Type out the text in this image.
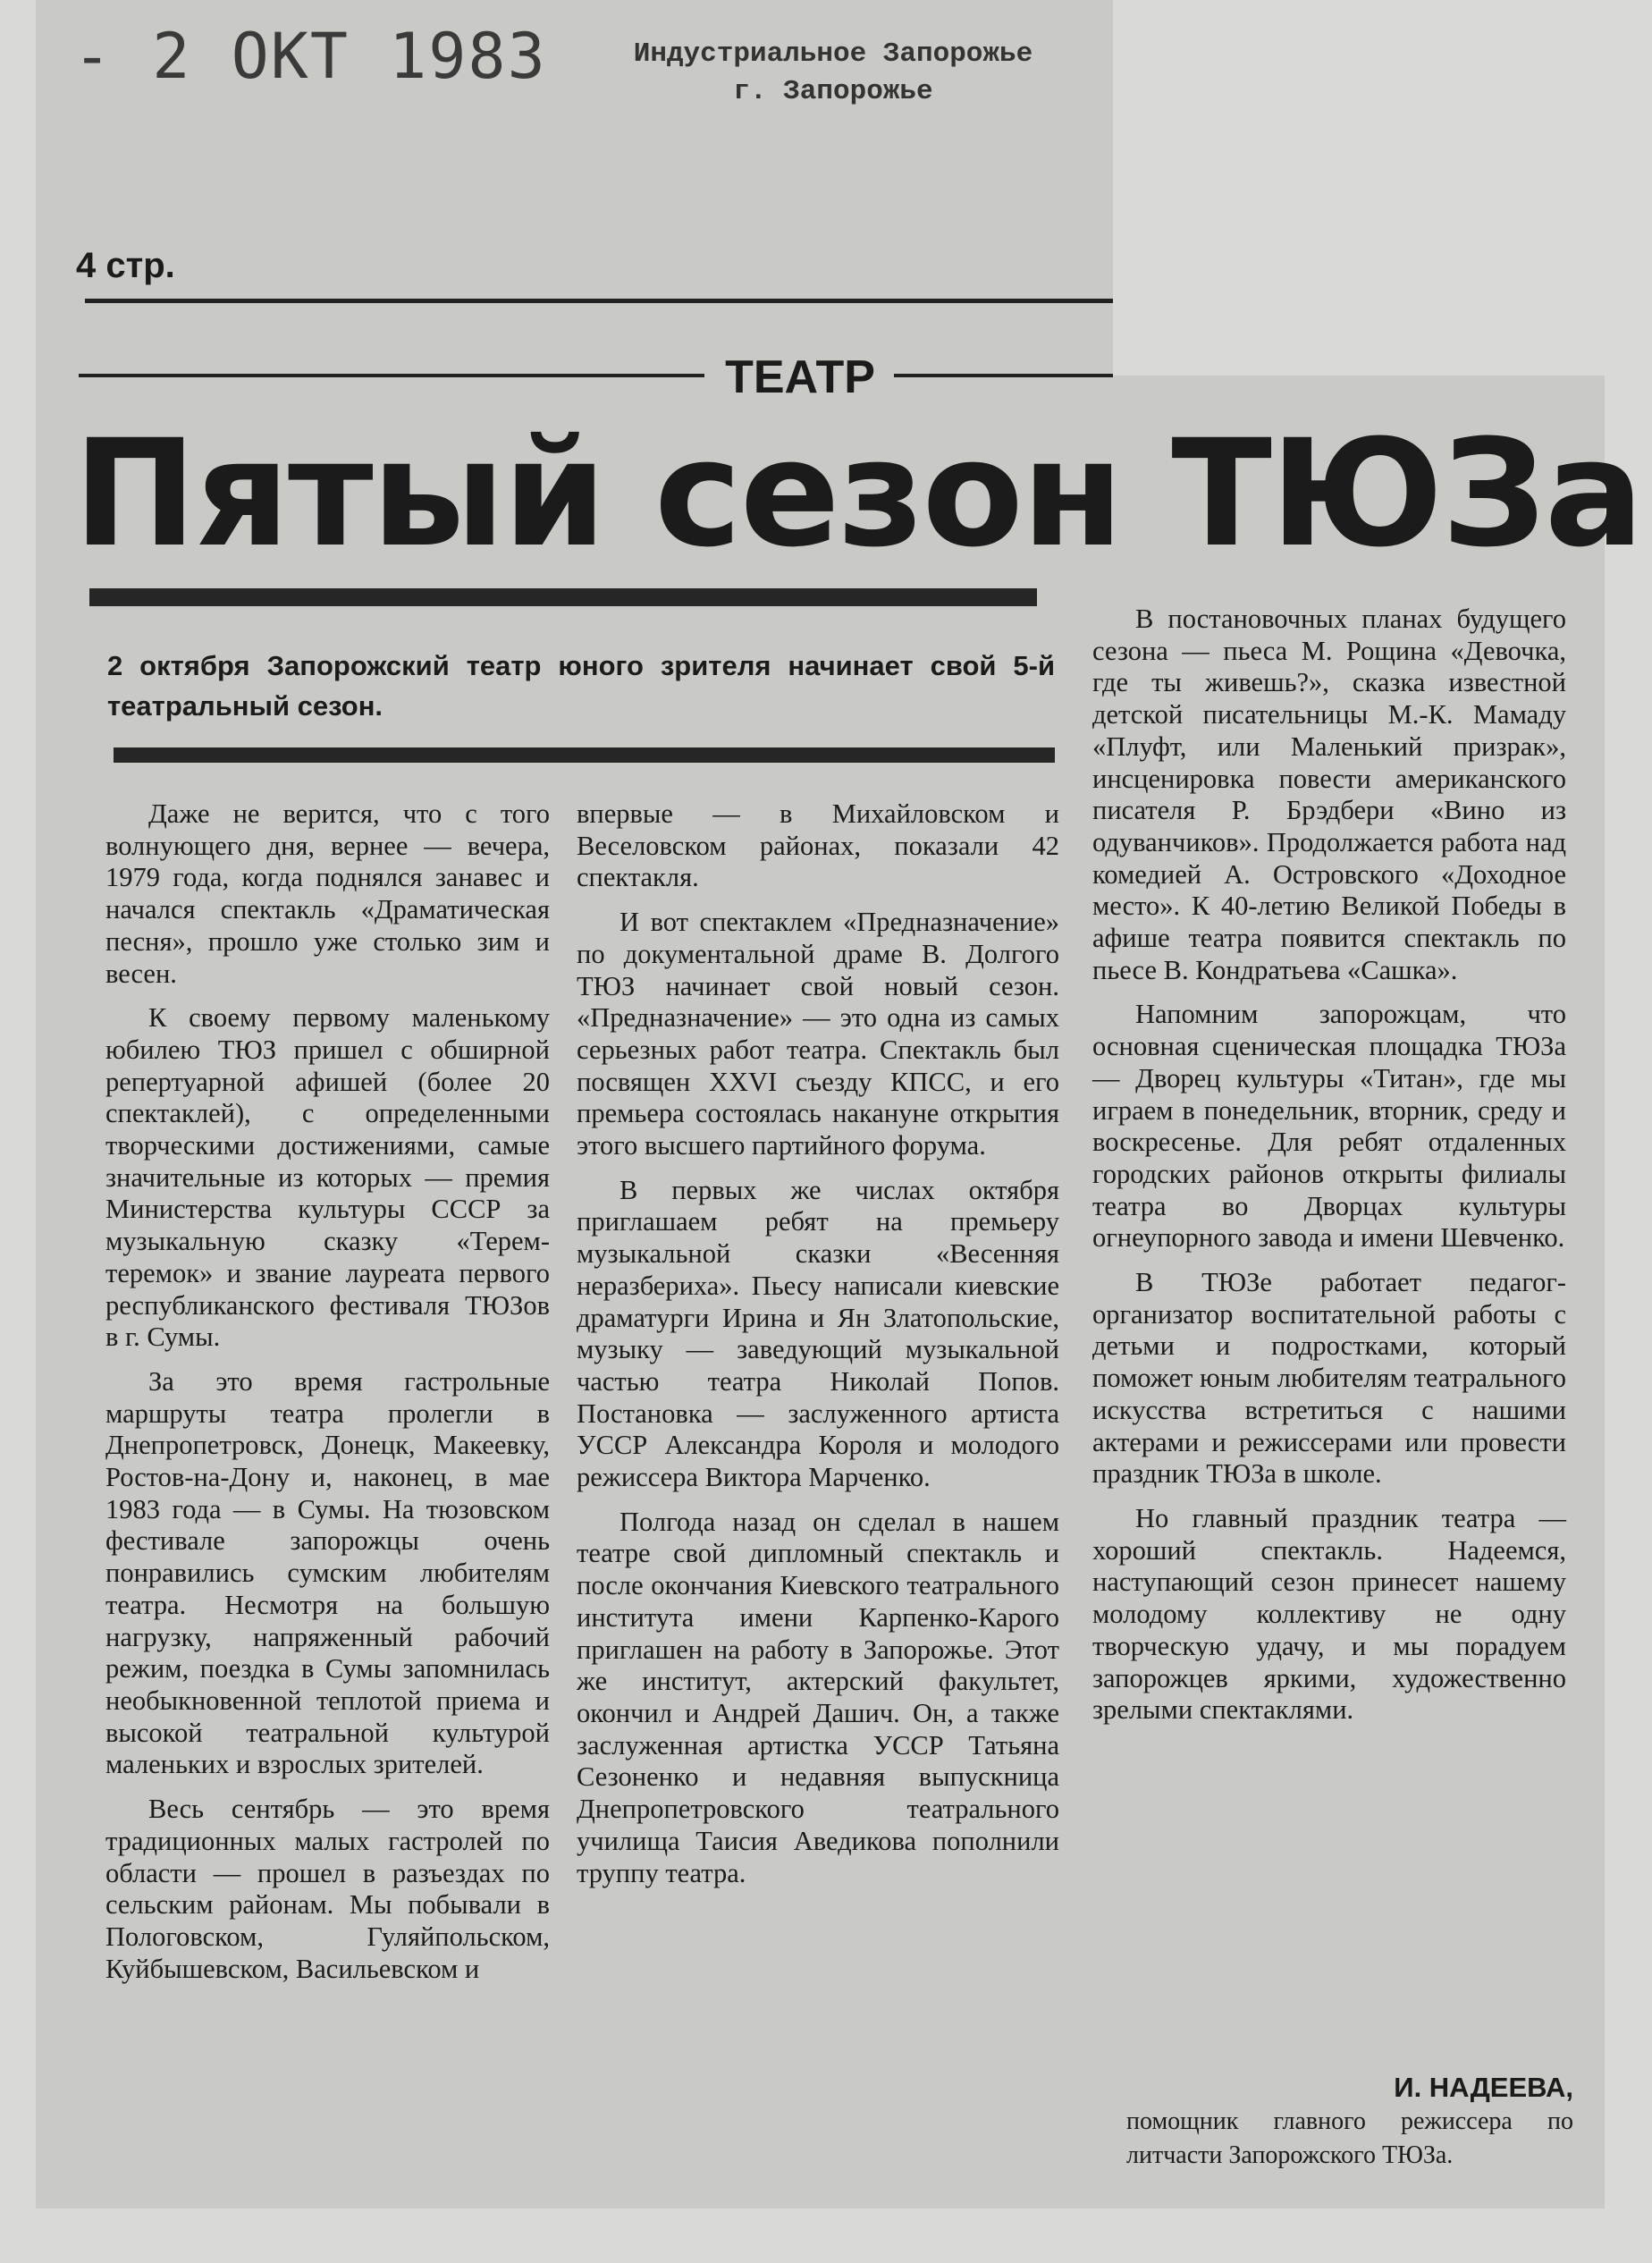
- 2 ОКТ 1983	Индустриальное Запорожье
г. Запорожье
4 стр.
ТЕАТР
Пятый сезон ТЮЗа
2 октября Запорожский театр юного зрителя начинает свой 5-й театральный сезон.

Даже не верится, что с того волнующего дня, вернее — вечера, 1979 года, когда поднялся занавес и начался спектакль «Драматическая песня», прошло уже столько зим и весен.

К своему первому маленькому юбилею ТЮЗ пришел с обширной репертуарной афишей (более 20 спектаклей), с определенными творческими достижениями, самые значительные из которых — премия Министерства культуры СССР за музыкальную сказку «Терем-теремок» и звание лауреата первого республиканского фестиваля ТЮЗов в г. Сумы.

За это время гастрольные маршруты театра пролегли в Днепропетровск, Донецк, Макеевку, Ростов-на-Дону и, наконец, в мае 1983 года — в Сумы. На тюзовском фестивале запорожцы очень понравились сумским любителям театра. Несмотря на большую нагрузку, напряженный рабочий режим, поездка в Сумы запомнилась необыкновенной теплотой приема и высокой театральной культурой маленьких и взрослых зрителей.

Весь сентябрь — это время традиционных малых гастролей по области — прошел в разъездах по сельским районам. Мы побывали в Пологовском, Гуляйпольском, Куйбышевском, Васильевском и

впервые — в Михайловском и Веселовском районах, показали 42 спектакля.

И вот спектаклем «Предназначение» по документальной драме В. Долгого ТЮЗ начинает свой новый сезон. «Предназначение» — это одна из самых серьезных работ театра. Спектакль был посвящен XXVI съезду КПСС, и его премьера состоялась накануне открытия этого высшего партийного форума.

В первых же числах октября приглашаем ребят на премьеру музыкальной сказки «Весенняя неразбериха». Пьесу написали киевские драматурги Ирина и Ян Златопольские, музыку — заведующий музыкальной частью театра Николай Попов. Постановка — заслуженного артиста УССР Александра Короля и молодого режиссера Виктора Марченко.

Полгода назад он сделал в нашем театре свой дипломный спектакль и после окончания Киевского театрального института имени Карпенко-Карого приглашен на работу в Запорожье. Этот же институт, актерский факультет, окончил и Андрей Дашич. Он, а также заслуженная артистка УССР Татьяна Сезоненко и недавняя выпускница Днепропетровского театрального училища Таисия Аведикова пополнили труппу театра.

В постановочных планах будущего сезона — пьеса М. Рощина «Девочка, где ты живешь?», сказка известной детской писательницы М.-К. Мамаду «Плуфт, или Маленький призрак», инсценировка повести американского писателя Р. Брэдбери «Вино из одуванчиков». Продолжается работа над комедией А. Островского «Доходное место». К 40-летию Великой Победы в афише театра появится спектакль по пьесе В. Кондратьева «Сашка».

Напомним запорожцам, что основная сценическая площадка ТЮЗа — Дворец культуры «Титан», где мы играем в понедельник, вторник, среду и воскресенье. Для ребят отдаленных городских районов открыты филиалы театра во Дворцах культуры огнеупорного завода и имени Шевченко.

В ТЮЗе работает педагог-организатор воспитательной работы с детьми и подростками, который поможет юным любителям театрального искусства встретиться с нашими актерами и режиссерами или провести праздник ТЮЗа в школе.

Но главный праздник театра — хороший спектакль. Надеемся, наступающий сезон принесет нашему молодому коллективу не одну творческую удачу, и мы порадуем запорожцев яркими, художественно зрелыми спектаклями.

И. НАДЕЕВА,
помощник главного режиссера по литчасти Запорожского ТЮЗа.
